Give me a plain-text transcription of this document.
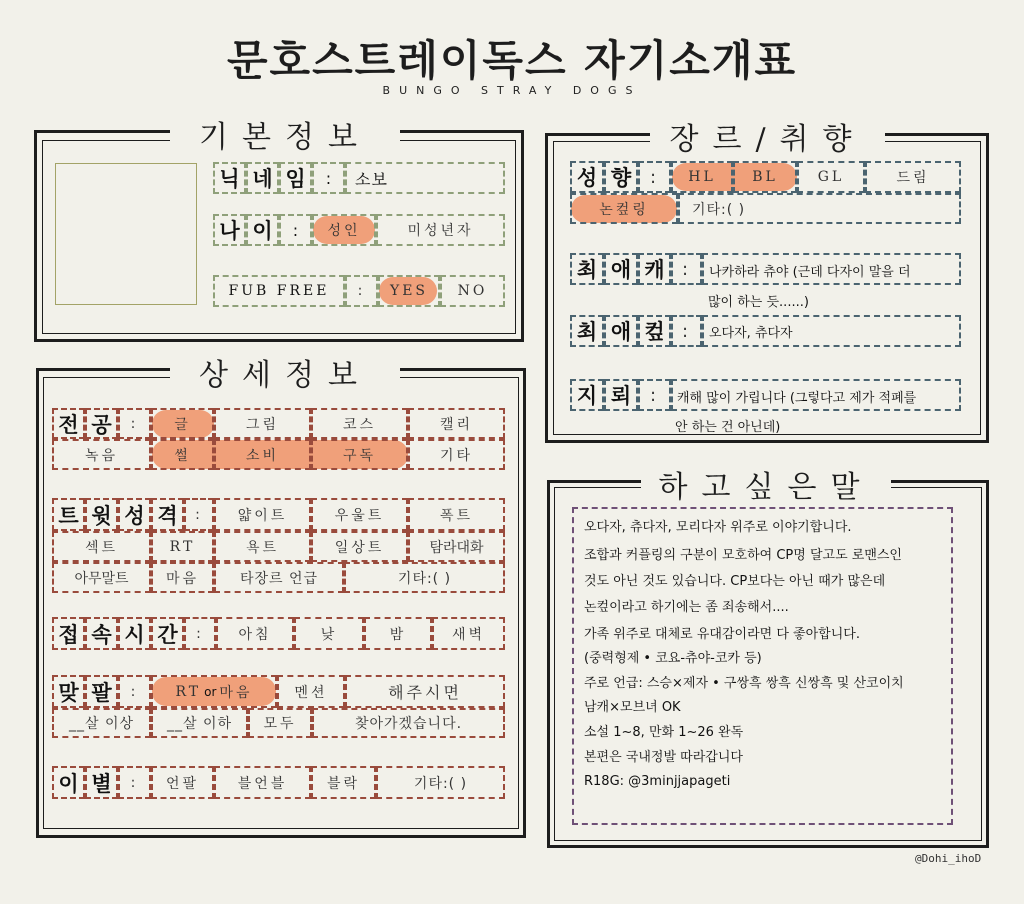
문호스트레이독스 자기소개표
BUNGO STRAY DOGS
기본정보
닉 네 임	:	소보
나 이	:	성인	미성년자
FUB FREE	:	YES	NO
상세정보
전 공	:	글	그림	코스	캘리
녹음	썰	소비	구독	기타
트 윗 성 격	:	얇이트	우울트	폭트
섹트	RT	욕트	일상트	탐라대화
아무말트	마음	타장르 언급	기타:( )
접 속 시 간	:	아침	낮	밤	새벽
맞 팔	:	RT or 마음	멘션	해주시면
__살 이상	__살 이하	모두	찾아가겠습니다.
이 별	:	언팔	블언블	블락	기타:( )
장르/취향
성 향	:	HL	BL	GL	드림
논컾링	기타:( )
최 애 캐 :	나카하라 츄야 (근데 다자이 말을 더
많이 하는 듯......)
최 애 컾 :	오다자, 츄다자
지 뢰	:	캐해 많이 가립니다 (그렇다고 제가 적폐를
안 하는 건 아닌데)
하고싶은말
오다자, 츄다자, 모리다자 위주로 이야기합니다.
조합과 커플링의 구분이 모호하여 CP명 달고도 로맨스인
것도 아닌 것도 있습니다. CP보다는 아닌 때가 많은데
논컾이라고 하기에는 좀 죄송해서....
가족 위주로 대체로 유대감이라면 다 좋아합니다.
(중력형제 • 코요-츄야-코카 등)
주로 언급: 스승×제자 • 구쌍흑 쌍흑 신쌍흑 및 산코이치
남캐×모브녀 OK
소설 1~8, 만화 1~26 완독
본편은 국내정발 따라갑니다
R18G: @3minjjapageti
@Dohi_ihoD
